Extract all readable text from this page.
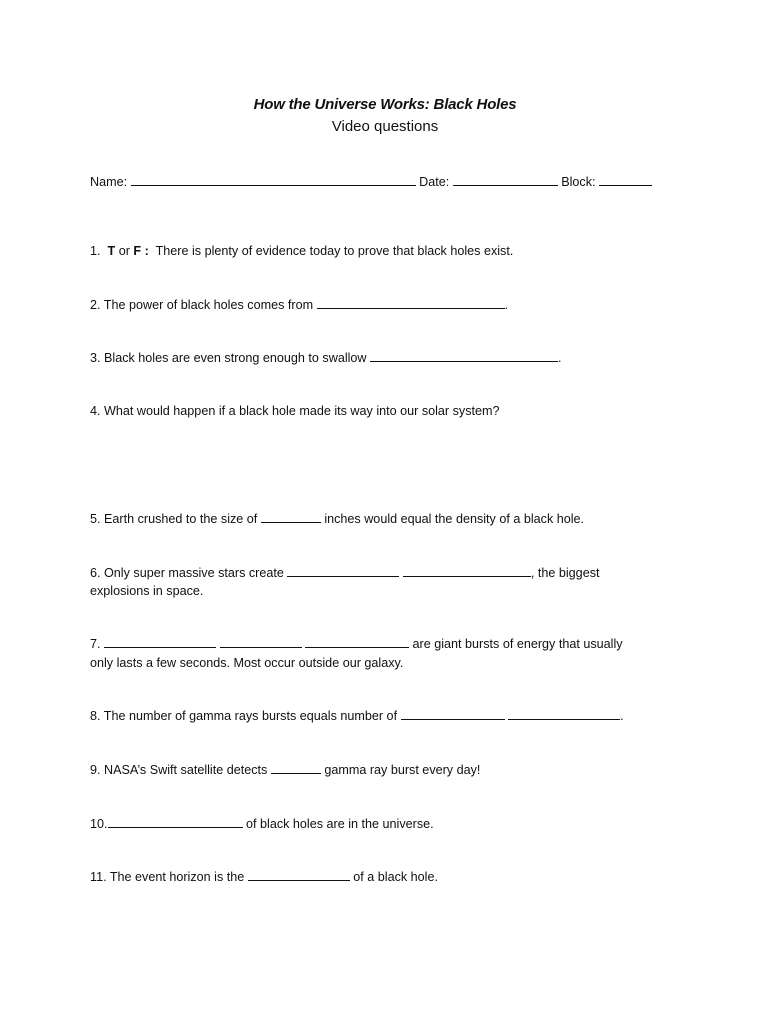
How the Universe Works: Black Holes
Video questions
Name:	Date:	Block:
1. T or F : There is plenty of evidence today to prove that black holes exist.
2. The power of black holes comes from	.
3. Black holes are even strong enough to swallow	.
4. What would happen if a black hole made its way into our solar system?
5. Earth crushed to the size of	inches would equal the density of a black hole.
6. Only super massive stars create	, the biggest
explosions in space.
7.	are giant bursts of energy that usually
only lasts a few seconds. Most occur outside our galaxy.
8. The number of gamma rays bursts equals number of	.
9. NASA’s Swift satellite detects	gamma ray burst every day!
10.	of black holes are in the universe.
11. The event horizon is the	of a black hole.
